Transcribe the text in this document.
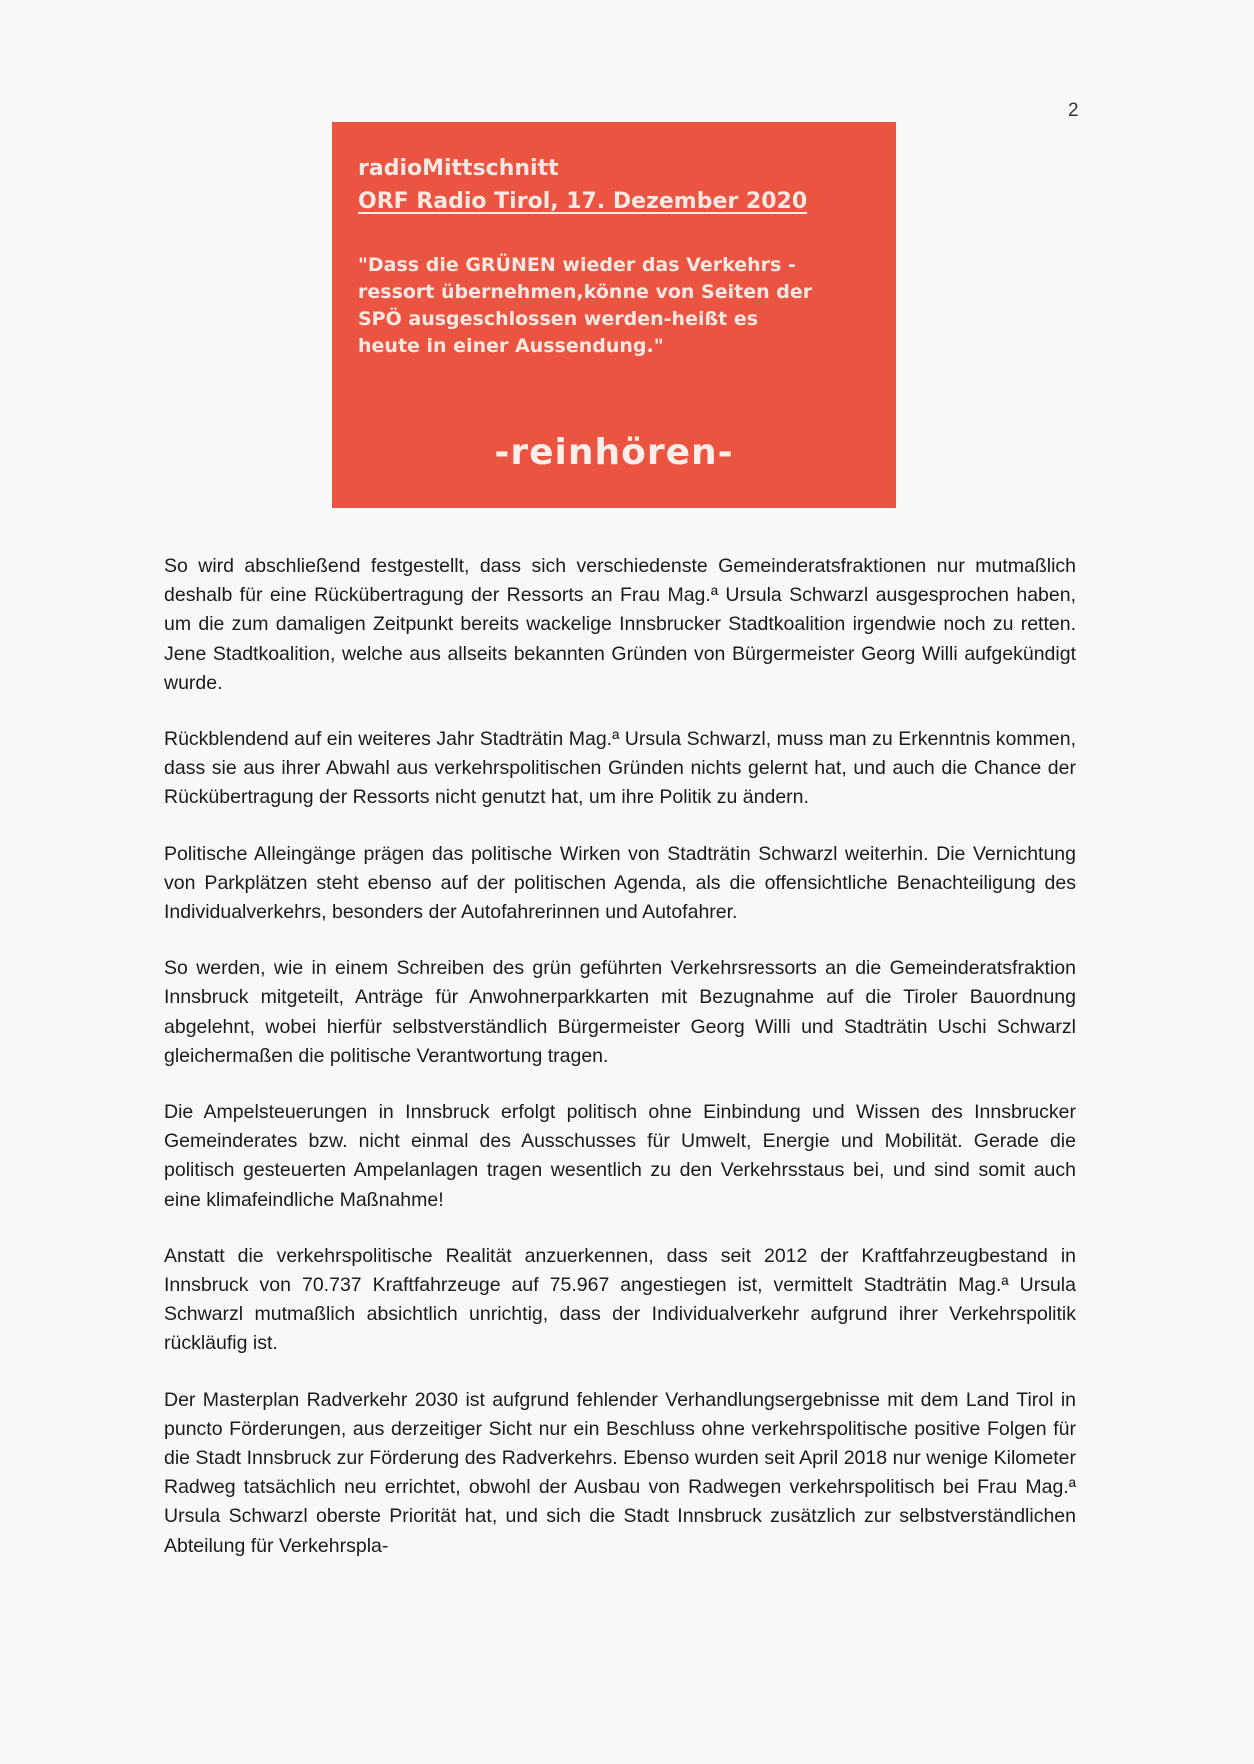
2
radioMittschnitt
ORF Radio Tirol, 17. Dezember 2020
"Dass die GRÜNEN wieder das Verkehrs -
ressort übernehmen,könne von Seiten der
SPÖ ausgeschlossen werden-heißt es
heute in einer Aussendung."
-reinhören-

So wird abschließend festgestellt, dass sich verschiedenste Gemeinderatsfraktionen nur mutmaßlich deshalb für eine Rückübertragung der Ressorts an Frau Mag.ª Ursula Schwarzl ausgesprochen haben, um die zum damaligen Zeitpunkt bereits wackelige Innsbrucker Stadtkoalition irgendwie noch zu retten. Jene Stadtkoalition, welche aus allseits bekannten Gründen von Bürgermeister Georg Willi aufgekündigt wurde.

Rückblendend auf ein weiteres Jahr Stadträtin Mag.ª Ursula Schwarzl, muss man zu Erkenntnis kommen, dass sie aus ihrer Abwahl aus verkehrspolitischen Gründen nichts gelernt hat, und auch die Chance der Rückübertragung der Ressorts nicht genutzt hat, um ihre Politik zu ändern.

Politische Alleingänge prägen das politische Wirken von Stadträtin Schwarzl weiterhin. Die Vernichtung von Parkplätzen steht ebenso auf der politischen Agenda, als die offensichtliche Benachteiligung des Individualverkehrs, besonders der Autofahrerinnen und Autofahrer.

So werden, wie in einem Schreiben des grün geführten Verkehrsressorts an die Gemeinderatsfraktion Innsbruck mitgeteilt, Anträge für Anwohnerparkkarten mit Bezugnahme auf die Tiroler Bauordnung abgelehnt, wobei hierfür selbstverständlich Bürgermeister Georg Willi und Stadträtin Uschi Schwarzl gleichermaßen die politische Verantwortung tragen.

Die Ampelsteuerungen in Innsbruck erfolgt politisch ohne Einbindung und Wissen des Innsbrucker Gemeinderates bzw. nicht einmal des Ausschusses für Umwelt, Energie und Mobilität. Gerade die politisch gesteuerten Ampelanlagen tragen wesentlich zu den Verkehrsstaus bei, und sind somit auch eine klimafeindliche Maßnahme!

Anstatt die verkehrspolitische Realität anzuerkennen, dass seit 2012 der Kraftfahrzeugbestand in Innsbruck von 70.737 Kraftfahrzeuge auf 75.967 angestiegen ist, vermittelt Stadträtin Mag.ª Ursula Schwarzl mutmaßlich absichtlich unrichtig, dass der Individualverkehr aufgrund ihrer Verkehrspolitik rückläufig ist.

Der Masterplan Radverkehr 2030 ist aufgrund fehlender Verhandlungsergebnisse mit dem Land Tirol in puncto Förderungen, aus derzeitiger Sicht nur ein Beschluss ohne verkehrspolitische positive Folgen für die Stadt Innsbruck zur Förderung des Radverkehrs. Ebenso wurden seit April 2018 nur wenige Kilometer Radweg tatsächlich neu errichtet, obwohl der Ausbau von Radwegen verkehrspolitisch bei Frau Mag.ª Ursula Schwarzl oberste Priorität hat, und sich die Stadt Innsbruck zusätzlich zur selbstverständlichen Abteilung für Verkehrspla-
